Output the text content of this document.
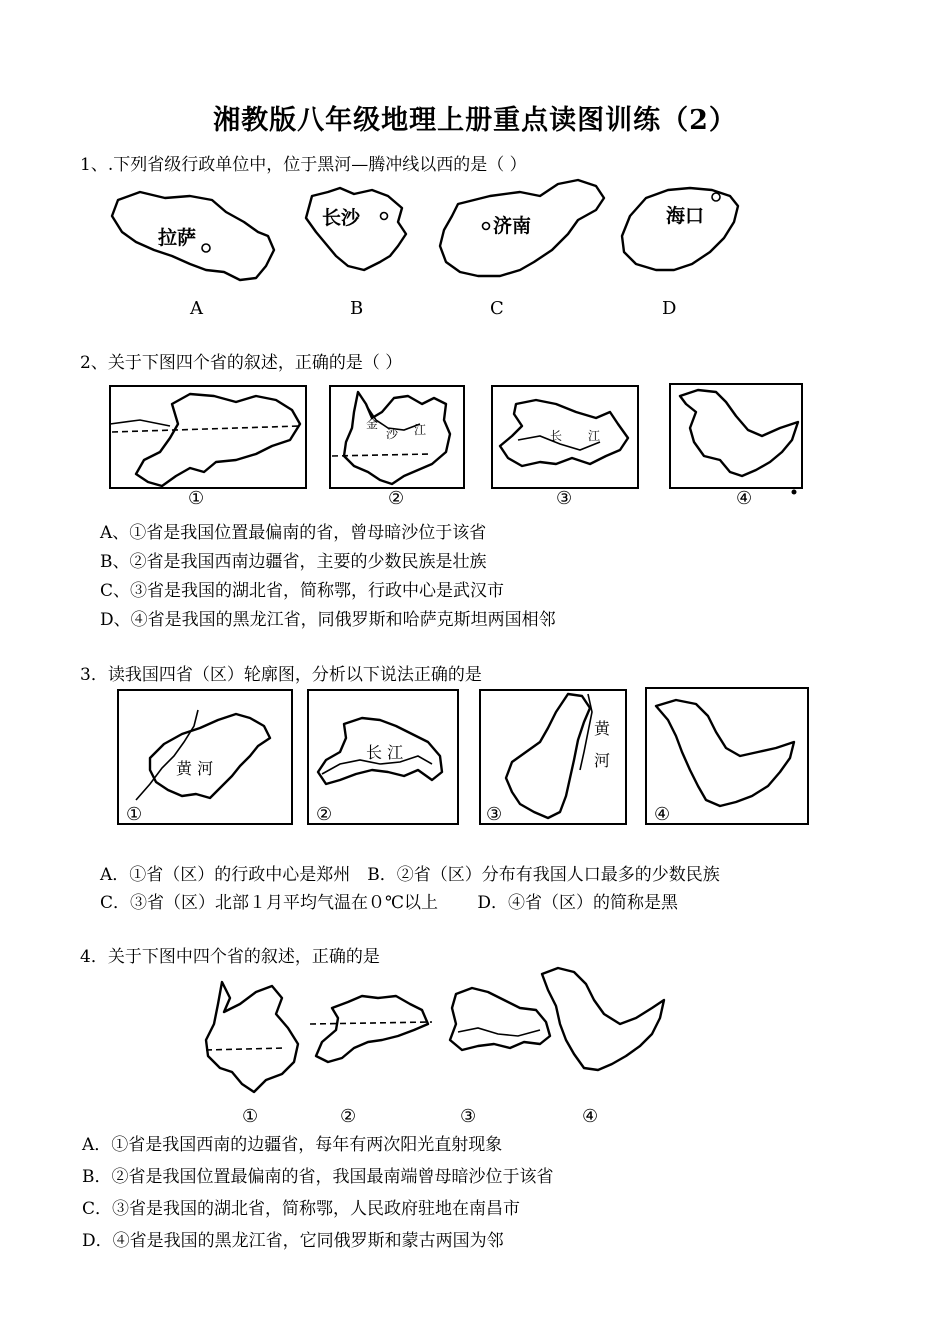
湘教版八年级地理上册重点读图训练（2）
1、.下列省级行政单位中，位于黑河—腾冲线以西的是（ ）
拉萨
A
长沙
B
济南
C
海口
D
2、关于下图四个省的叙述，正确的是（ ）
①
金
沙 江
②
长 江
③	④
A、①省是我国位置最偏南的省，曾母暗沙位于该省
B、②省是我国西南边疆省，主要的少数民族是壮族
C、③省是我国的湖北省，简称鄂，行政中心是武汉市
D、④省是我国的黑龙江省，同俄罗斯和哈萨克斯坦两国相邻
3．读我国四省（区）轮廓图，分析以下说法正确的是
黄 河
①
长 江
②
黄
河
③	④
A．①省（区）的行政中心是郑州　B．②省（区）分布有我国人口最多的少数民族
C．③省（区）北部１月平均气温在０℃以上　　 D．④省（区）的简称是黑
4．关于下图中四个省的叙述，正确的是
①	②	③	④
A．①省是我国西南的边疆省，每年有两次阳光直射现象
B．②省是我国位置最偏南的省，我国最南端曾母暗沙位于该省
C．③省是我国的湖北省，简称鄂，人民政府驻地在南昌市
D．④省是我国的黑龙江省，它同俄罗斯和蒙古两国为邻
